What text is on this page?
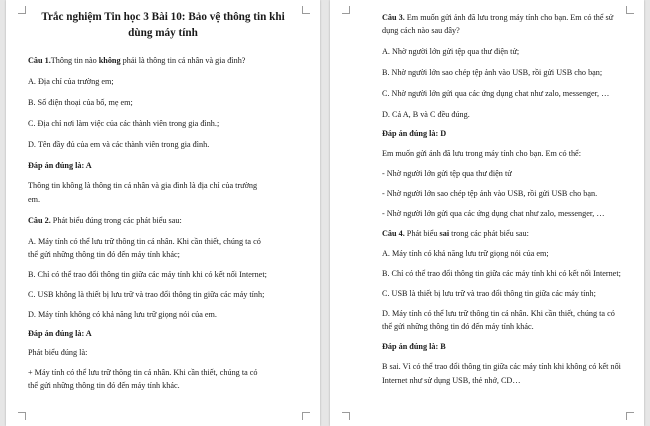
Trắc nghiệm Tin học 3 Bài 10: Bảo vệ thông tin khi
dùng máy tính
Câu 1.Thông tin nào không phải là thông tin cá nhân và gia đình?
A. Địa chỉ của trường em;
B. Số điện thoại của bố, mẹ em;
C. Địa chỉ nơi làm việc của các thành viên trong gia đình.;
D. Tên đầy đủ của em và các thành viên trong gia đình.
Đáp án đúng là: A
Thông tin không là thông tin cá nhân và gia đình là địa chỉ của trường
em.
Câu 2. Phát biểu đúng trong các phát biểu sau:
A. Máy tính có thể lưu trữ thông tin cá nhân. Khi cần thiết, chúng ta có
thể gửi những thông tin đó đến máy tính khác;
B. Chỉ có thể trao đổi thông tin giữa các máy tính khi có kết nối Internet;
C. USB không là thiết bị lưu trữ và trao đổi thông tin giữa các máy tính;
D. Máy tính không có khả năng lưu trữ giọng nói của em.
Đáp án đúng là: A
Phát biểu đúng là:
+ Máy tính có thể lưu trữ thông tin cá nhân. Khi cần thiết, chúng ta có
thể gửi những thông tin đó đến máy tính khác.
Câu 3. Em muốn gửi ảnh đã lưu trong máy tính cho bạn. Em có thể sử
dụng cách nào sau đây?
A. Nhờ người lớn gửi tệp qua thư điện tử;
B. Nhờ người lớn sao chép tệp ảnh vào USB, rồi gửi USB cho bạn;
C. Nhờ người lớn gửi qua các ứng dụng chat như zalo, messenger, …
D. Cả A, B và C đều đúng.
Đáp án đúng là: D
Em muốn gửi ảnh đã lưu trong máy tính cho bạn. Em có thể:
- Nhờ người lớn gửi tệp qua thư điện tử
- Nhờ người lớn sao chép tệp ảnh vào USB, rồi gửi USB cho bạn.
- Nhờ người lớn gửi qua các ứng dụng chat như zalo, messenger, …
Câu 4. Phát biểu sai trong các phát biểu sau:
A. Máy tính có khả năng lưu trữ giọng nói của em;
B. Chỉ có thể trao đổi thông tin giữa các máy tính khi có kết nối Internet;
C. USB là thiết bị lưu trữ và trao đổi thông tin giữa các máy tính;
D. Máy tính có thể lưu trữ thông tin cá nhân. Khi cần thiết, chúng ta có
thể gửi những thông tin đó đến máy tính khác.
Đáp án đúng là: B
B sai. Vì có thể trao đổi thông tin giữa các máy tính khi không có kết nối
Internet như sử dụng USB, thẻ nhớ, CD…
